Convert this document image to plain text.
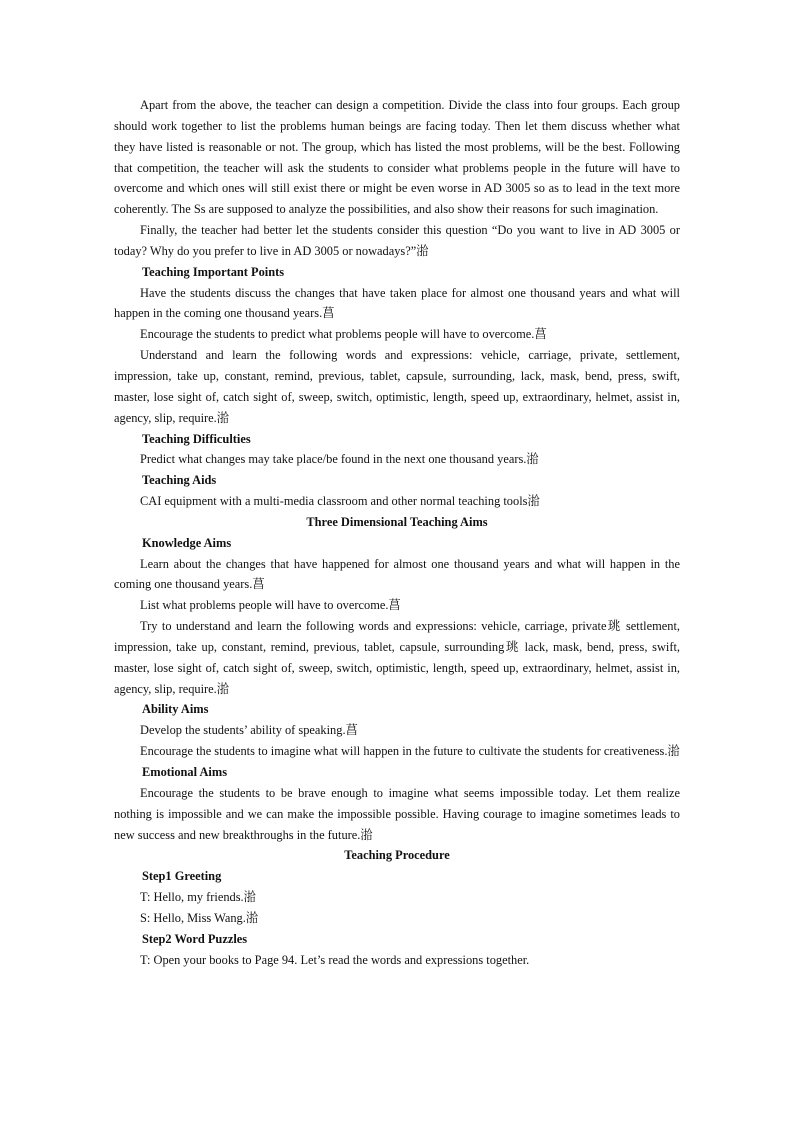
Apart from the above, the teacher can design a competition. Divide the class into four groups. Each group should work together to list the problems human beings are facing today. Then let them discuss whether what they have listed is reasonable or not. The group, which has listed the most problems, will be the best. Following that competition, the teacher will ask the students to consider what problems people in the future will have to overcome and which ones will still exist there or might be even worse in AD 3005 so as to lead in the text more coherently. The Ss are supposed to analyze the possibilities, and also show their reasons for such imagination.

Finally, the teacher had better let the students consider this question “Do you want to live in AD 3005 or today? Why do you prefer to live in AD 3005 or nowadays?”湁

Teaching Important Points

Have the students discuss the changes that have taken place for almost one thousand years and what will happen in the coming one thousand years.菖

Encourage the students to predict what problems people will have to overcome.菖

Understand and learn the following words and expressions: vehicle, carriage, private, settlement, impression, take up, constant, remind, previous, tablet, capsule, surrounding, lack, mask, bend, press, swift, master, lose sight of, catch sight of, sweep, switch, optimistic, length, speed up, extraordinary, helmet, assist in, agency, slip, require.湁

Teaching Difficulties

Predict what changes may take place/be found in the next one thousand years.湁

Teaching Aids

CAI equipment with a multi-media classroom and other normal teaching tools湁

Three Dimensional Teaching Aims
Knowledge Aims

Learn about the changes that have happened for almost one thousand years and what will happen in the coming one thousand years.菖

List what problems people will have to overcome.菖

Try to understand and learn the following words and expressions: vehicle, carriage, private珧 settlement, impression, take up, constant, remind, previous, tablet, capsule, surrounding珧 lack, mask, bend, press, swift, master, lose sight of, catch sight of, sweep, switch, optimistic, length, speed up, extraordinary, helmet, assist in, agency, slip, require.湁

Ability Aims

Develop the students’ ability of speaking.菖

Encourage the students to imagine what will happen in the future to cultivate the students for creativeness.湁

Emotional Aims

Encourage the students to be brave enough to imagine what seems impossible today. Let them realize nothing is impossible and we can make the impossible possible. Having courage to imagine sometimes leads to new success and new breakthroughs in the future.湁

Teaching Procedure
Step1 Greeting

T: Hello, my friends.湁

S: Hello, Miss Wang.湁

Step2 Word Puzzles

T: Open your books to Page 94. Let’s read the words and expressions together.
